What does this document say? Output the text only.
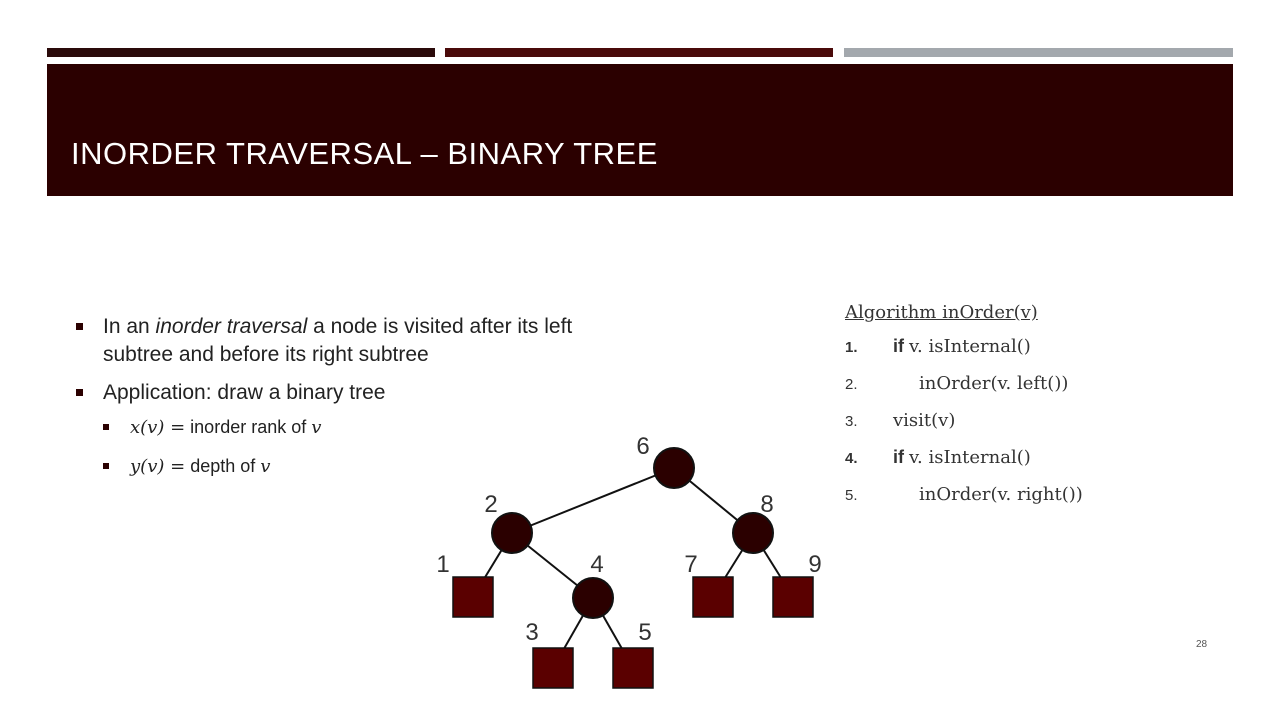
INORDER TRAVERSAL – BINARY TREE

In an inorder traversal a node is visited after its left subtree and before its right subtree

Application: draw a binary tree

x(v) = inorder rank of v
y(v) = depth of v
Algorithm inOrder(v)
1. if v. isInternal()
2.	inOrder(v. left())
3. visit(v)
4. if v. isInternal()
5.	inOrder(v. right())
6
2	8
1	4	7	9
3	5	28
